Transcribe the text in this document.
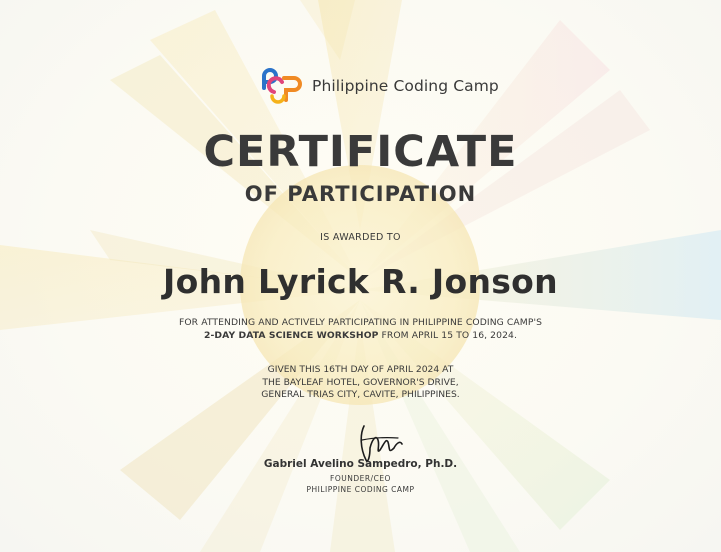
Philippine Coding Camp
CERTIFICATE
OF PARTICIPATION
IS AWARDED TO
John Lyrick R. Jonson
FOR ATTENDING AND ACTIVELY PARTICIPATING IN PHILIPPINE CODING CAMP'S
2-DAY DATA SCIENCE WORKSHOP FROM APRIL 15 TO 16, 2024.
GIVEN THIS 16TH DAY OF APRIL 2024 AT
THE BAYLEAF HOTEL, GOVERNOR'S DRIVE,
GENERAL TRIAS CITY, CAVITE, PHILIPPINES.
Gabriel Avelino Sampedro, Ph.D.
FOUNDER/CEO
PHILIPPINE CODING CAMP
